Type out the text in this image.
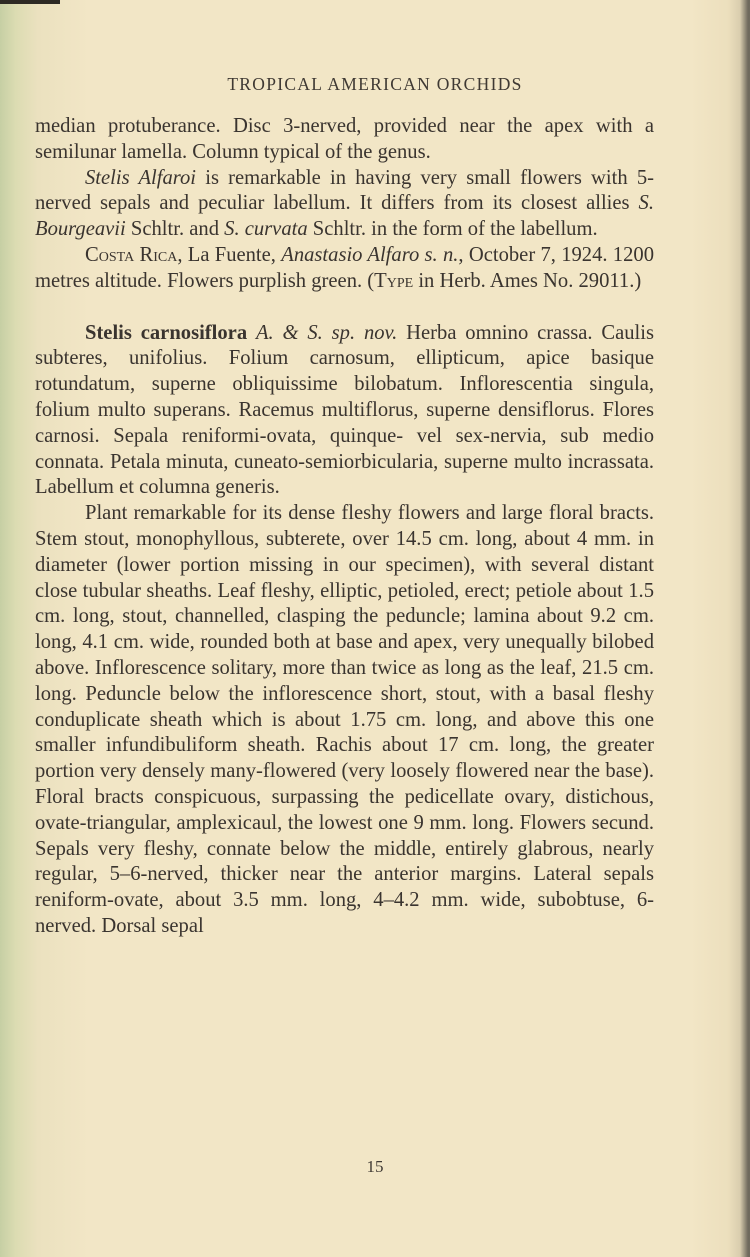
TROPICAL AMERICAN ORCHIDS

median protuberance. Disc 3-nerved, provided near the apex with a semilunar lamella. Column typical of the genus.

Stelis Alfaroi is remarkable in having very small flowers with 5-nerved sepals and peculiar labellum. It differs from its closest allies S. Bourgeavii Schltr. and S. curvata Schltr. in the form of the labellum.

Costa Rica, La Fuente, Anastasio Alfaro s. n., October 7, 1924. 1200 metres altitude. Flowers purplish green. (Type in Herb. Ames No. 29011.)

Stelis carnosiflora A. & S. sp. nov. Herba omnino crassa. Caulis subteres, unifolius. Folium carnosum, ellipticum, apice basique rotundatum, superne obliquissime bilobatum. Inflorescentia singula, folium multo superans. Racemus multiflorus, superne densiflorus. Flores carnosi. Sepala reniformi-ovata, quinque- vel sex-nervia, sub medio connata. Petala minuta, cuneato-semiorbicularia, superne multo incrassata. Labellum et columna generis.

Plant remarkable for its dense fleshy flowers and large floral bracts. Stem stout, monophyllous, subterete, over 14.5 cm. long, about 4 mm. in diameter (lower portion missing in our specimen), with several distant close tubular sheaths. Leaf fleshy, elliptic, petioled, erect; petiole about 1.5 cm. long, stout, channelled, clasping the peduncle; lamina about 9.2 cm. long, 4.1 cm. wide, rounded both at base and apex, very unequally bilobed above. Inflorescence solitary, more than twice as long as the leaf, 21.5 cm. long. Peduncle below the inflorescence short, stout, with a basal fleshy conduplicate sheath which is about 1.75 cm. long, and above this one smaller infundibuliform sheath. Rachis about 17 cm. long, the greater portion very densely many-flowered (very loosely flowered near the base). Floral bracts conspicuous, surpassing the pedicellate ovary, distichous, ovate-triangular, amplexicaul, the lowest one 9 mm. long. Flowers secund. Sepals very fleshy, connate below the middle, entirely glabrous, nearly regular, 5–6-nerved, thicker near the anterior margins. Lateral sepals reniform-ovate, about 3.5 mm. long, 4–4.2 mm. wide, subobtuse, 6-nerved. Dorsal sepal

15
